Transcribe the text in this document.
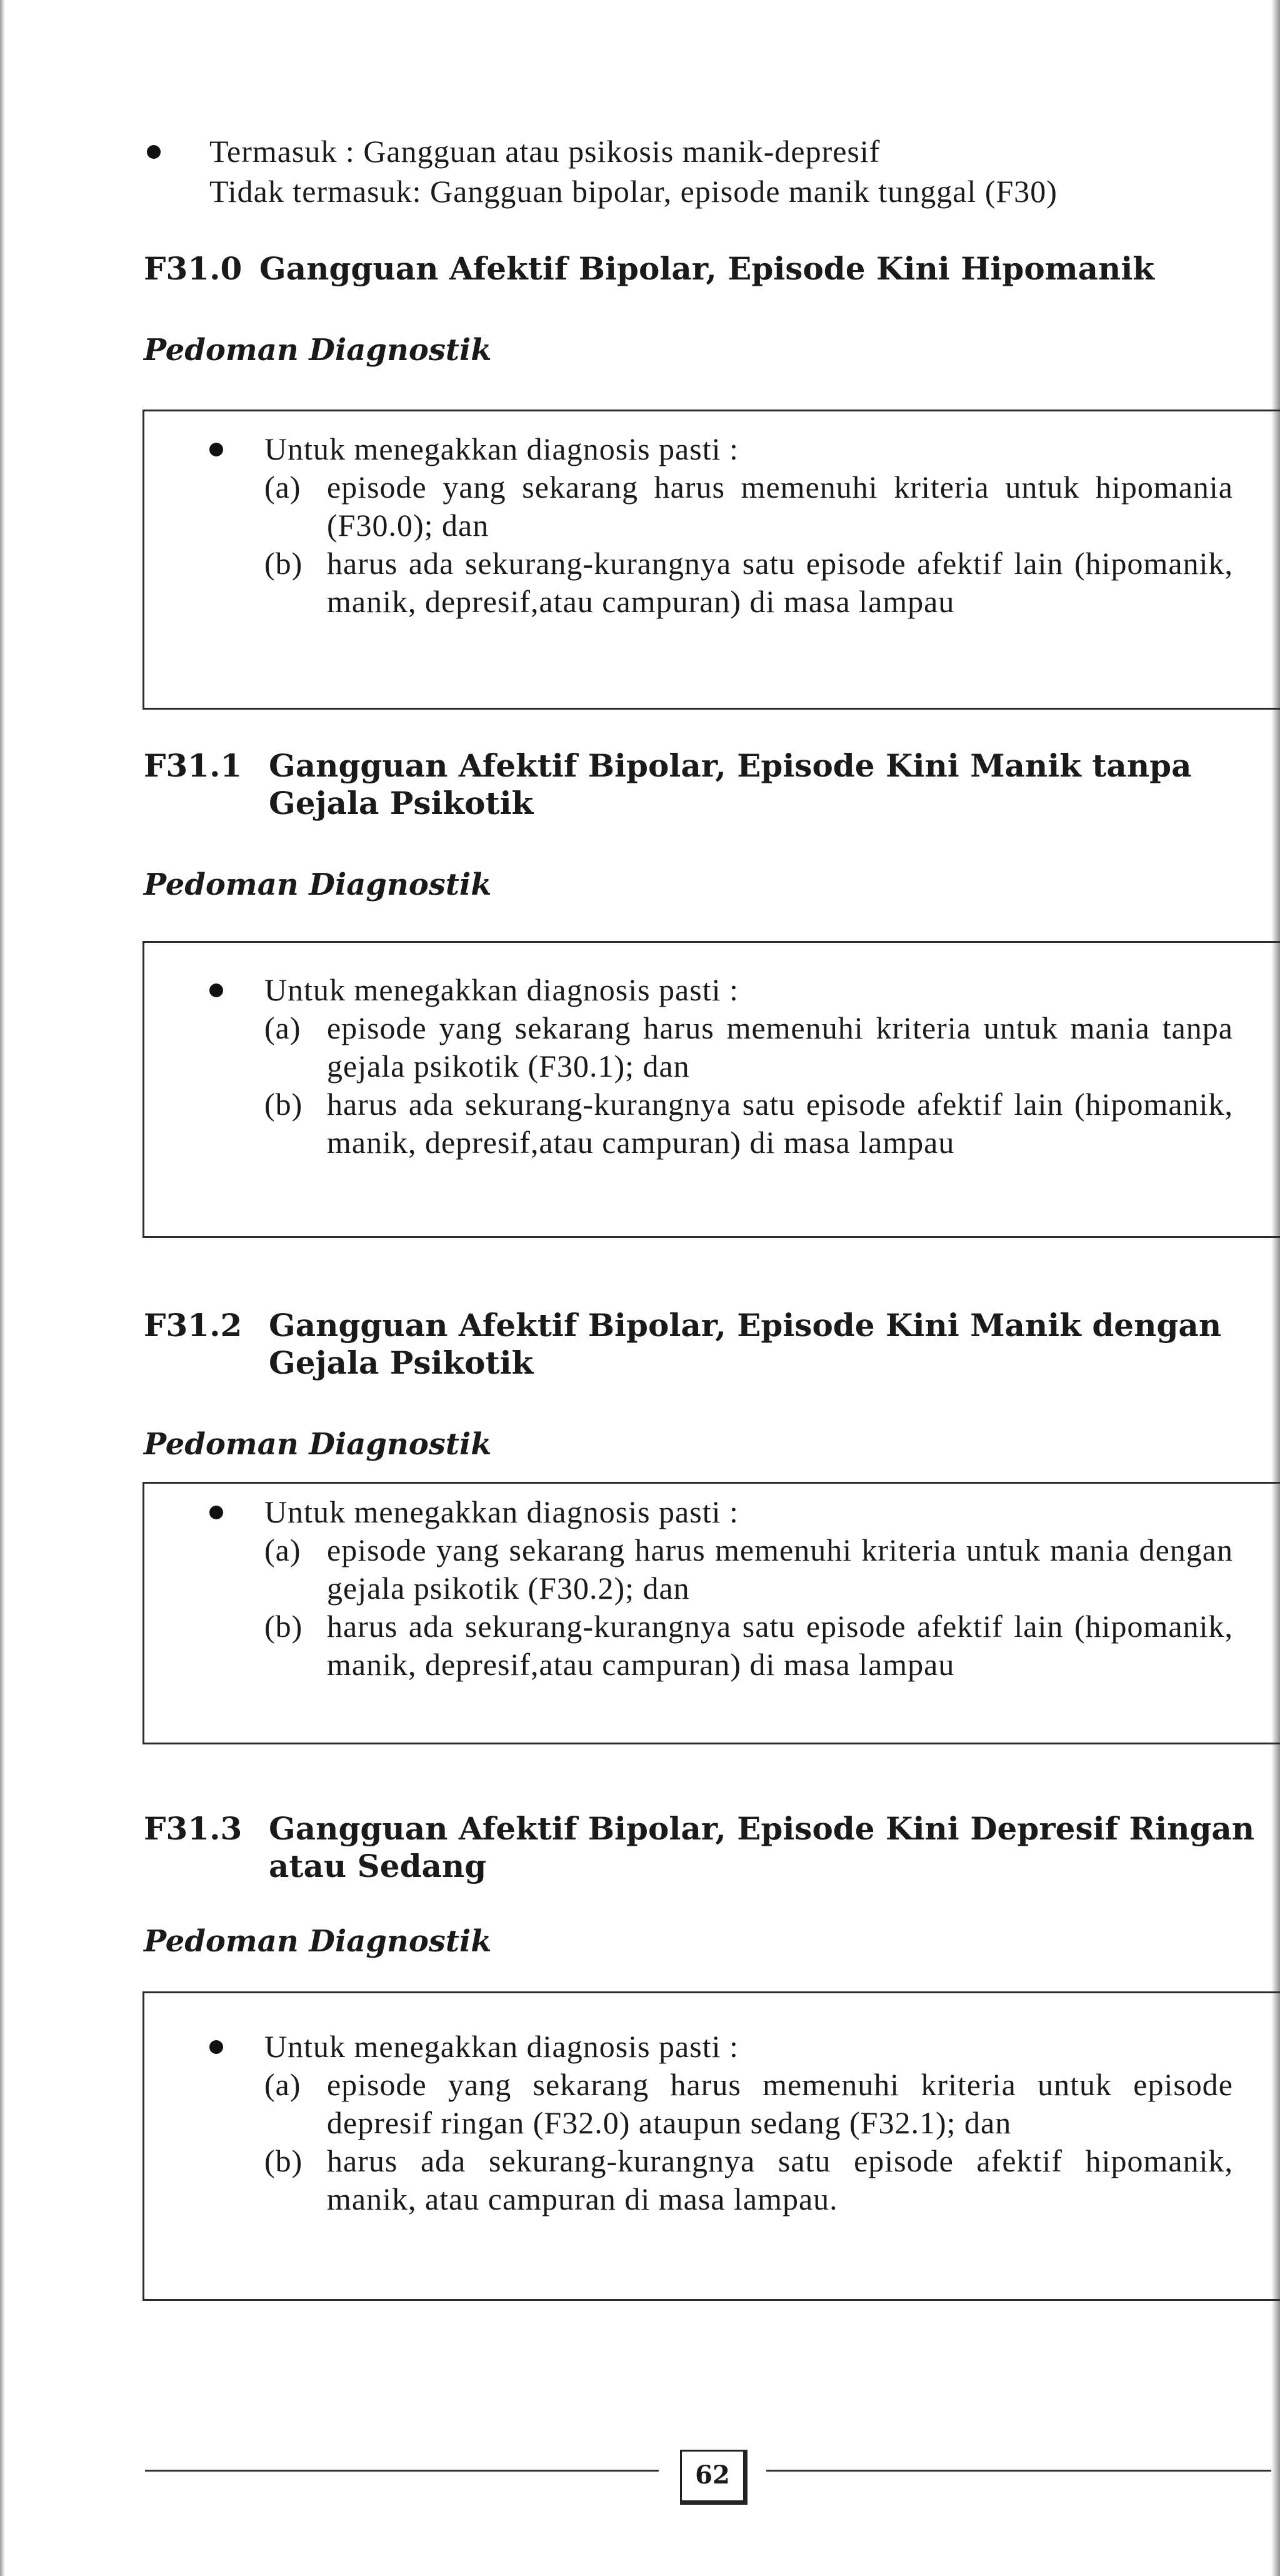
Termasuk : Gangguan atau psikosis manik-depresif
Tidak termasuk: Gangguan bipolar, episode manik tunggal (F30)
F31.0 Gangguan Afektif Bipolar, Episode Kini Hipomanik
Pedoman Diagnostik
Untuk menegakkan diagnosis pasti :
(a) episode yang sekarang harus memenuhi kriteria untuk hipomania (F30.0); dan
(b) harus ada sekurang-kurangnya satu episode afektif lain (hipomanik, manik, depresif,atau campuran) di masa lampau
F31.1 Gangguan Afektif Bipolar, Episode Kini Manik tanpa
Gejala Psikotik
Pedoman Diagnostik
Untuk menegakkan diagnosis pasti :
(a) episode yang sekarang harus memenuhi kriteria untuk mania tanpa gejala psikotik (F30.1); dan
(b) harus ada sekurang-kurangnya satu episode afektif lain (hipomanik, manik, depresif,atau campuran) di masa lampau
F31.2 Gangguan Afektif Bipolar, Episode Kini Manik dengan
Gejala Psikotik
Pedoman Diagnostik
Untuk menegakkan diagnosis pasti :
(a) episode yang sekarang harus memenuhi kriteria untuk mania dengan gejala psikotik (F30.2); dan
(b) harus ada sekurang-kurangnya satu episode afektif lain (hipomanik, manik, depresif,atau campuran) di masa lampau
F31.3 Gangguan Afektif Bipolar, Episode Kini Depresif Ringan
atau Sedang
Pedoman Diagnostik
Untuk menegakkan diagnosis pasti :
(a) episode yang sekarang harus memenuhi kriteria untuk episode depresif ringan (F32.0) ataupun sedang (F32.1); dan
(b) harus ada sekurang-kurangnya satu episode afektif hipomanik, manik, atau campuran di masa lampau.
62
